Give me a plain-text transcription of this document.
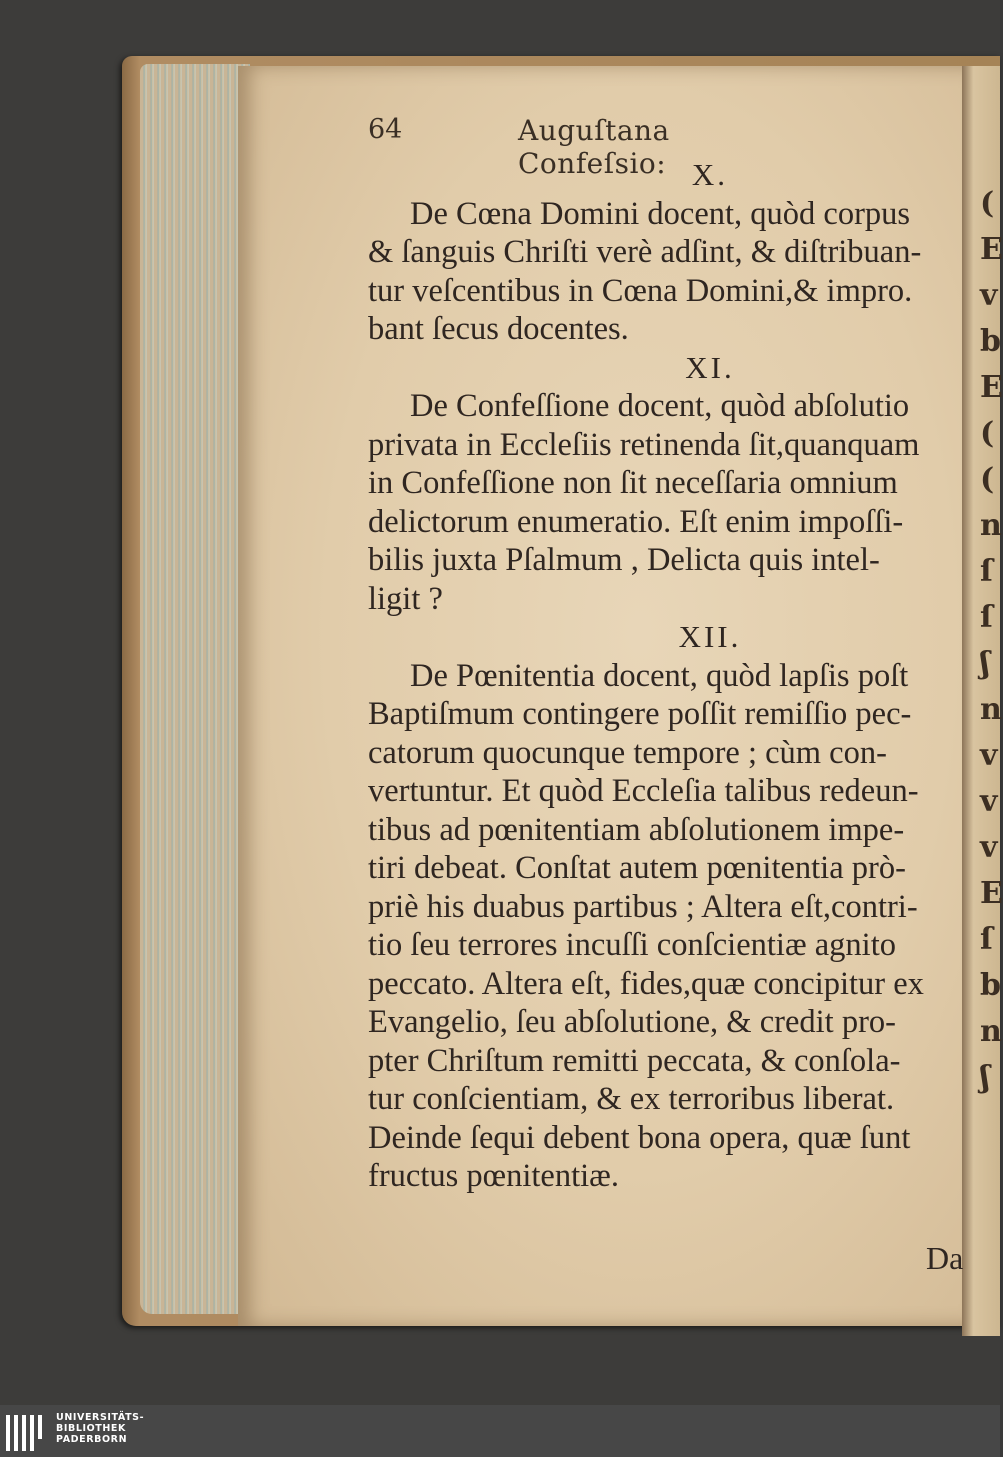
(
E
v
b
E
(
(
n
ſ
ſ
ʃ
n
v
v
v
E
ſ
b
n
ʃ
64	Auguſtana Confeſsio: X.
De Cœna Domini docent, quòd corpus
& ſanguis Chriſti verè adſint, & diſtribuan-
tur veſcentibus in Cœna Domini,& impro.
bant ſecus docentes.
XI.
De Confeſſione docent, quòd abſolutio
privata in Eccleſiis retinenda ſit,quanquam
in Confeſſione non ſit neceſſaria omnium
delictorum enumeratio. Eſt enim impoſſi-
bilis juxta Pſalmum , Delicta quis intel-
ligit ?
XII.
De Pœnitentia docent, quòd lapſis poſt
Baptiſmum contingere poſſit remiſſio pec-
catorum quocunque tempore ; cùm con-
vertuntur. Et quòd Eccleſia talibus redeun-
tibus ad pœnitentiam abſolutionem impe-
tiri debeat. Conſtat autem pœnitentia prò-
priè his duabus partibus ; Altera eſt,contri-
tio ſeu terrores incuſſi conſcientiæ agnito
peccato. Altera eſt, fides,quæ concipitur ex
Evangelio, ſeu abſolutione, & credit pro-
pter Chriſtum remitti peccata, & conſola-
tur conſcientiam, & ex terroribus liberat.
Deinde ſequi debent bona opera, quæ ſunt
fructus pœnitentiæ.
Da
UNIVERSITÄTS-
BIBLIOTHEK
PADERBORN
